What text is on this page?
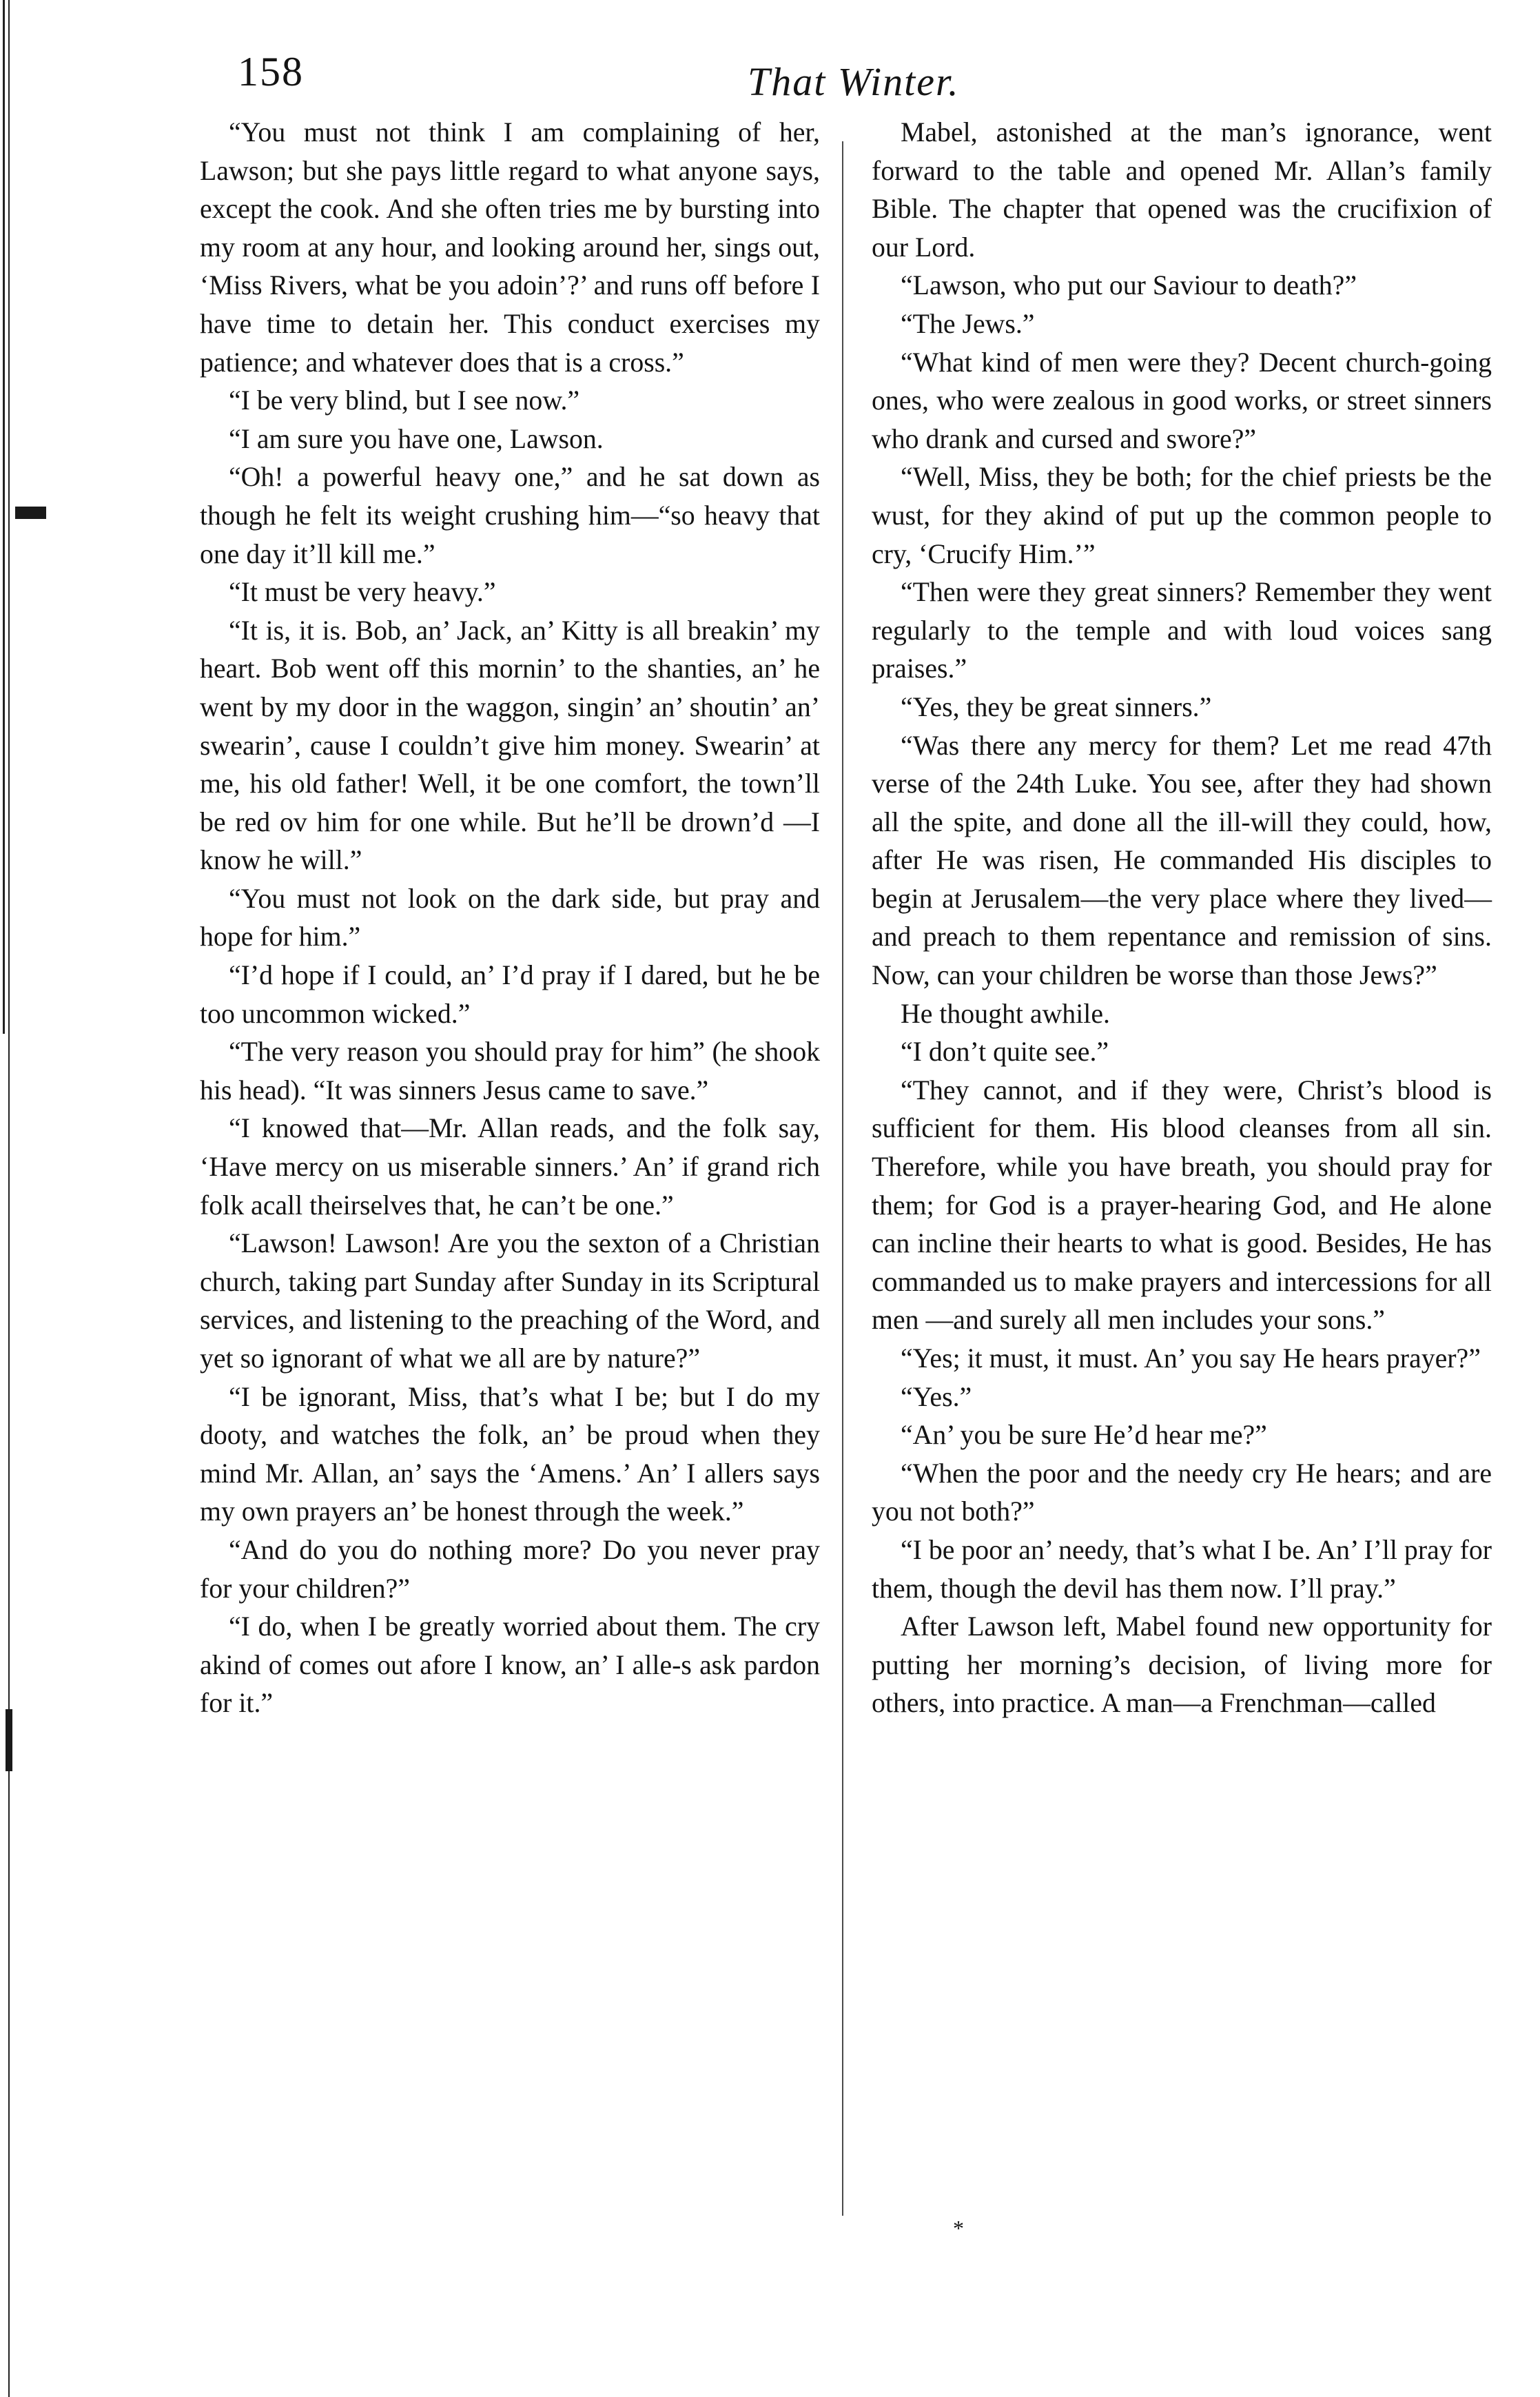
158	That Winter.

“You must not think I am complaining of her, Lawson; but she pays little regard to what anyone says, except the cook. And she often tries me by bursting into my room at any hour, and looking around her, sings out, ‘Miss Rivers, what be you adoin’?’ and runs off before I have time to detain her. This conduct exercises my patience; and whatever does that is a cross.”

“I be very blind, but I see now.”

“I am sure you have one, Lawson.

“Oh! a powerful heavy one,” and he sat down as though he felt its weight crushing him—“so heavy that one day it’ll kill me.”

“It must be very heavy.”

“It is, it is. Bob, an’ Jack, an’ Kitty is all breakin’ my heart. Bob went off this mornin’ to the shanties, an’ he went by my door in the waggon, singin’ an’ shoutin’ an’ swearin’, cause I couldn’t give him money. Swearin’ at me, his old father! Well, it be one comfort, the town’ll be red ov him for one while. But he’ll be drown’d —I know he will.”

“You must not look on the dark side, but pray and hope for him.”

“I’d hope if I could, an’ I’d pray if I dared, but he be too uncommon wicked.”

“The very reason you should pray for him” (he shook his head). “It was sinners Jesus came to save.”

“I knowed that—Mr. Allan reads, and the folk say, ‘Have mercy on us miserable sinners.’ An’ if grand rich folk acall theirselves that, he can’t be one.”

“Lawson! Lawson! Are you the sexton of a Christian church, taking part Sunday after Sunday in its Scriptural services, and listening to the preaching of the Word, and yet so ignorant of what we all are by nature?”

“I be ignorant, Miss, that’s what I be; but I do my dooty, and watches the folk, an’ be proud when they mind Mr. Allan, an’ says the ‘Amens.’ An’ I allers says my own prayers an’ be honest through the week.”

“And do you do nothing more? Do you never pray for your children?”

“I do, when I be greatly worried about them. The cry akind of comes out afore I know, an’ I alle-s ask pardon for it.”

Mabel, astonished at the man’s ignorance, went forward to the table and opened Mr. Allan’s family Bible. The chapter that opened was the crucifixion of our Lord.

“Lawson, who put our Saviour to death?”

“The Jews.”

“What kind of men were they? Decent church-going ones, who were zealous in good works, or street sinners who drank and cursed and swore?”

“Well, Miss, they be both; for the chief priests be the wust, for they akind of put up the common people to cry, ‘Crucify Him.’”

“Then were they great sinners? Remember they went regularly to the temple and with loud voices sang praises.”

“Yes, they be great sinners.”

“Was there any mercy for them? Let me read 47th verse of the 24th Luke. You see, after they had shown all the spite, and done all the ill-will they could, how, after He was risen, He commanded His disciples to begin at Jerusalem—the very place where they lived—and preach to them repentance and remission of sins. Now, can your children be worse than those Jews?”

He thought awhile.

“I don’t quite see.”

“They cannot, and if they were, Christ’s blood is sufficient for them. His blood cleanses from all sin. Therefore, while you have breath, you should pray for them; for God is a prayer-hearing God, and He alone can incline their hearts to what is good. Besides, He has commanded us to make prayers and intercessions for all men —and surely all men includes your sons.”

“Yes; it must, it must. An’ you say He hears prayer?”

“Yes.”

“An’ you be sure He’d hear me?”

“When the poor and the needy cry He hears; and are you not both?”

“I be poor an’ needy, that’s what I be. An’ I’ll pray for them, though the devil has them now. I’ll pray.”

After Lawson left, Mabel found new opportunity for putting her morning’s decision, of living more for others, into practice. A man—a Frenchman—called

*
